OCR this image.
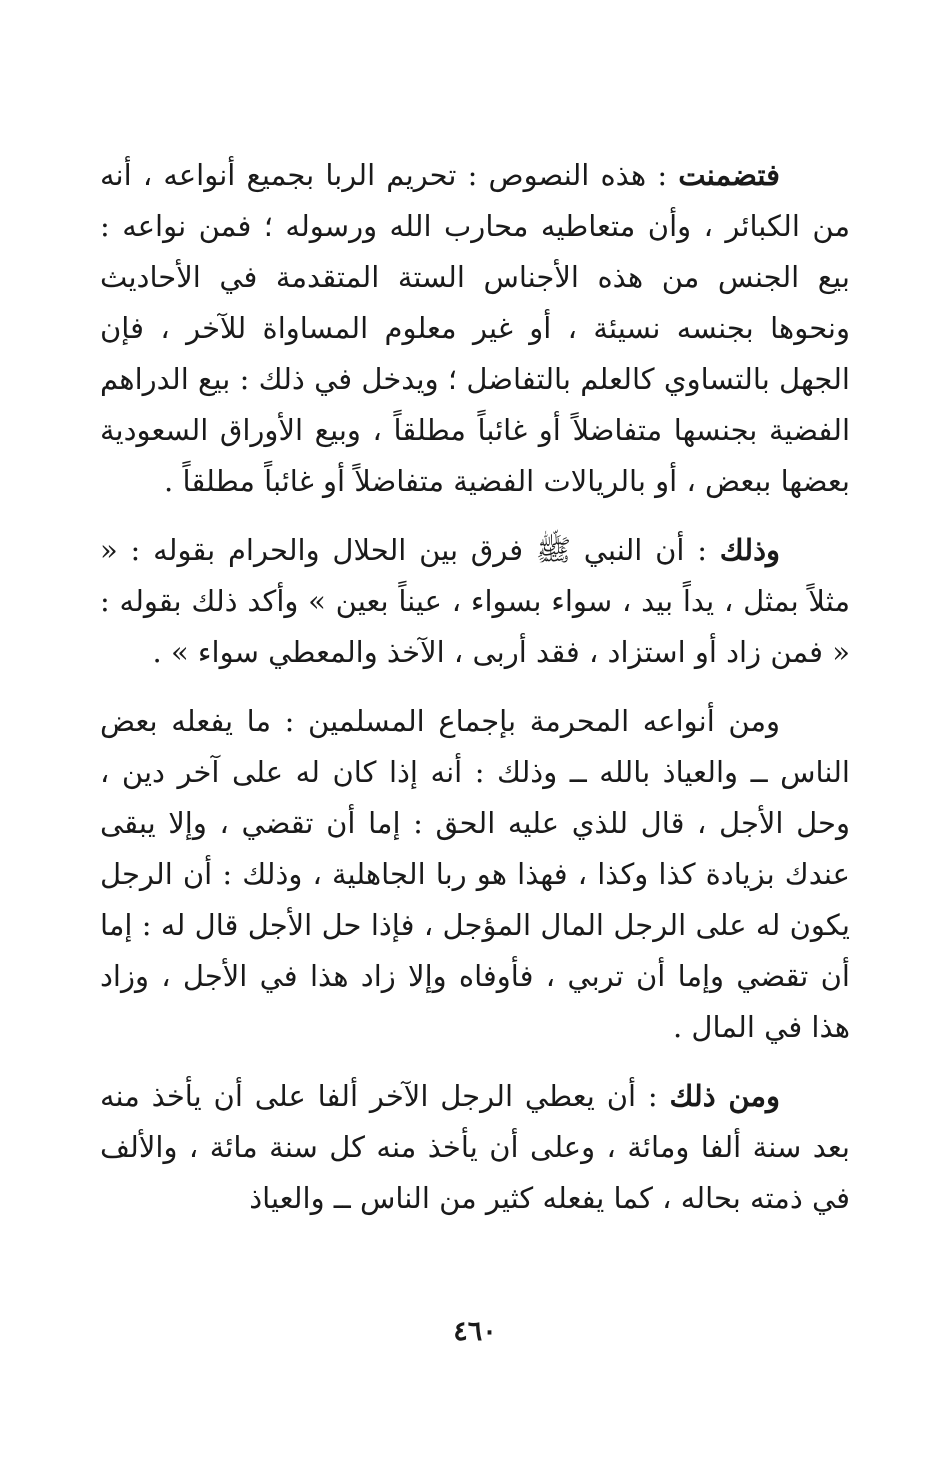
فتضمنت : هذه النصوص : تحريم الربا بجميع أنواعه ، أنه من الكبائر ، وأن متعاطيه محارب الله ورسوله ؛ فمن نواعه : بيع الجنس من هذه الأجناس الستة المتقدمة في الأحاديث ونحوها بجنسه نسيئة ، أو غير معلوم المساواة للآخر ، فإن الجهل بالتساوي كالعلم بالتفاضل ؛ ويدخل في ذلك : بيع الدراهم الفضية بجنسها متفاضلاً أو غائباً مطلقاً ، وبيع الأوراق السعودية بعضها ببعض ، أو بالريالات الفضية متفاضلاً أو غائباً مطلقاً .

وذلك : أن النبي ﷺ فرق بين الحلال والحرام بقوله : « مثلاً بمثل ، يداً بيد ، سواء بسواء ، عيناً بعين » وأكد ذلك بقوله : « فمن زاد أو استزاد ، فقد أربى ، الآخذ والمعطي سواء » .

ومن أنواعه المحرمة بإجماع المسلمين : ما يفعله بعض الناس ــ والعياذ بالله ــ وذلك : أنه إذا كان له على آخر دين ، وحل الأجل ، قال للذي عليه الحق : إما أن تقضي ، وإلا يبقى عندك بزيادة كذا وكذا ، فهذا هو ربا الجاهلية ، وذلك : أن الرجل يكون له على الرجل المال المؤجل ، فإذا حل الأجل قال له : إما أن تقضي وإما أن تربي ، فأوفاه وإلا زاد هذا في الأجل ، وزاد هذا في المال .

ومن ذلك : أن يعطي الرجل الآخر ألفا على أن يأخذ منه بعد سنة ألفا ومائة ، وعلى أن يأخذ منه كل سنة مائة ، والألف في ذمته بحاله ، كما يفعله كثير من الناس ــ والعياذ

٤٦٠
